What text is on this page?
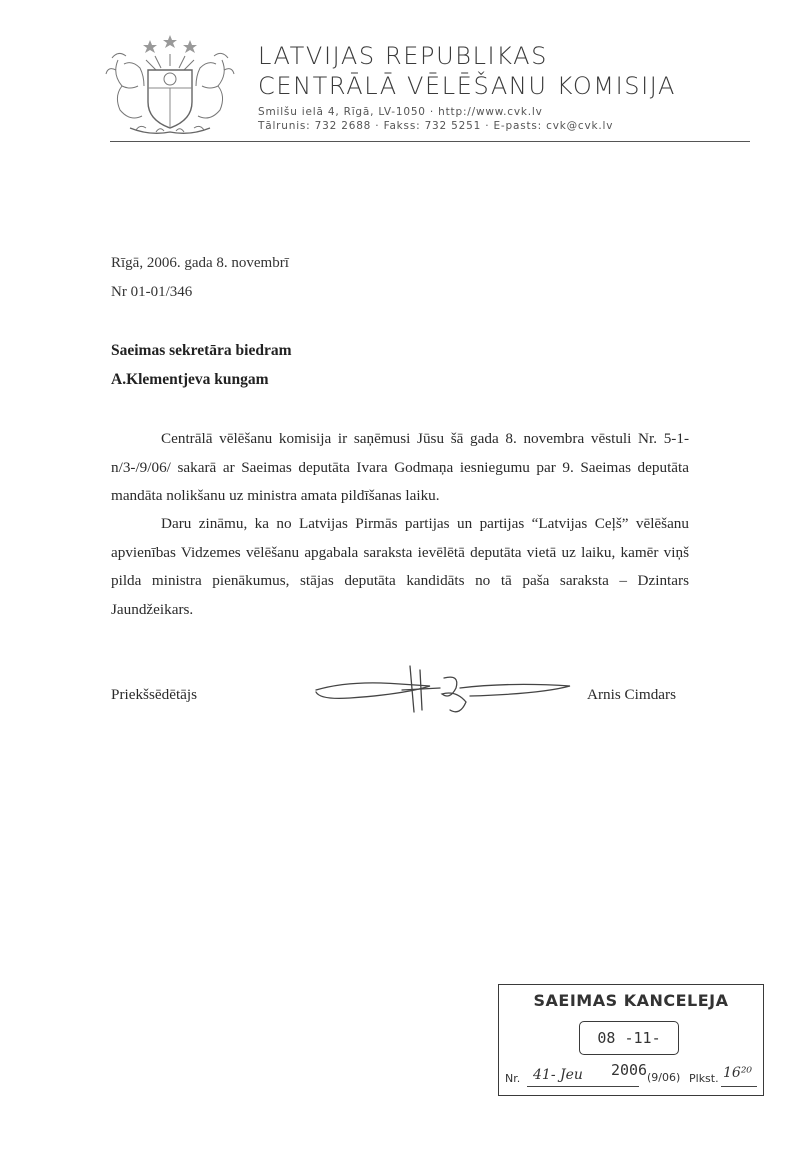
LATVIJAS REPUBLIKAS
CENTRĀLĀ VĒLĒŠANU KOMISIJA
Smilšu ielā 4, Rīgā, LV-1050 · http://www.cvk.lv
Tālrunis: 732 2688 · Fakss: 732 5251 · E-pasts: cvk@cvk.lv
Rīgā, 2006. gada 8. novembrī
Nr 01-01/346
Saeimas sekretāra biedram
A.Klementjeva kungam
Centrālā vēlēšanu komisija ir saņēmusi Jūsu šā gada 8. novembra vēstuli Nr. 5-1-n/3-/9/06/ sakarā ar Saeimas deputāta Ivara Godmaņa iesniegumu par 9. Saeimas deputāta mandāta nolikšanu uz ministra amata pildīšanas laiku.
Daru zināmu, ka no Latvijas Pirmās partijas un partijas “Latvijas Ceļš” vēlēšanu apvienības Vidzemes vēlēšanu apgabala saraksta ievēlētā deputāta vietā uz laiku, kamēr viņš pilda ministra pienākumus, stājas deputāta kandidāts no tā paša saraksta – Dzintars Jaundžeikars.
Priekšsēdētājs	Arnis Cimdars
SAEIMAS KANCELEJA
08 -11- 2006
Nr. 41- Jeu	(9/06) Plkst. 16²⁰
